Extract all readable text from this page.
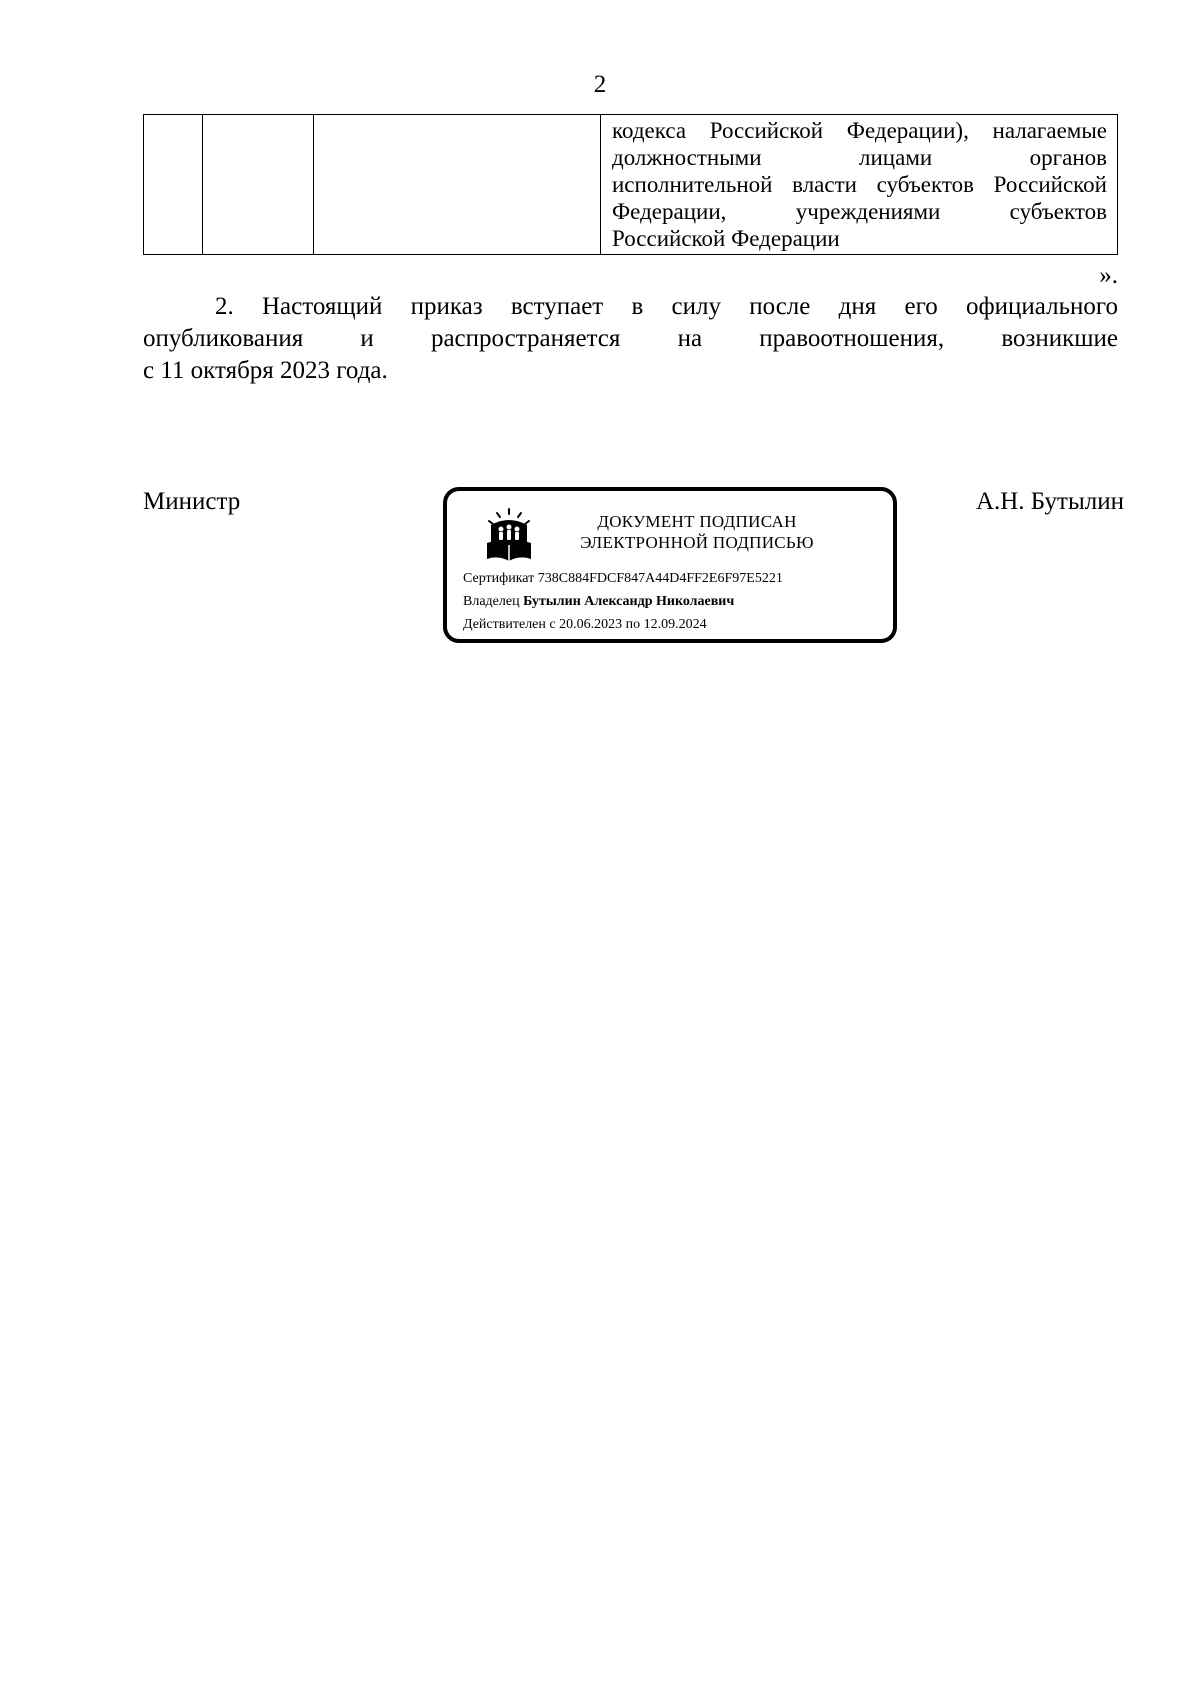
2

кодекса Российской Федерации), налагаемые
должностными лицами органов
исполнительной власти субъектов Российской
Федерации, учреждениями субъектов
Российской Федерации
».
2. Настоящий приказ вступает в силу после дня его официального
опубликования и распространяется на правоотношения, возникшие
с 11 октября 2023 года.
Министр
ДОКУМЕНТ ПОДПИСАН
ЭЛЕКТРОННОЙ ПОДПИСЬЮ
Сертификат 738C884FDCF847A44D4FF2E6F97E5221
Владелец Бутылин Александр Николаевич
Действителен с 20.06.2023 по 12.09.2024
А.Н. Бутылин
